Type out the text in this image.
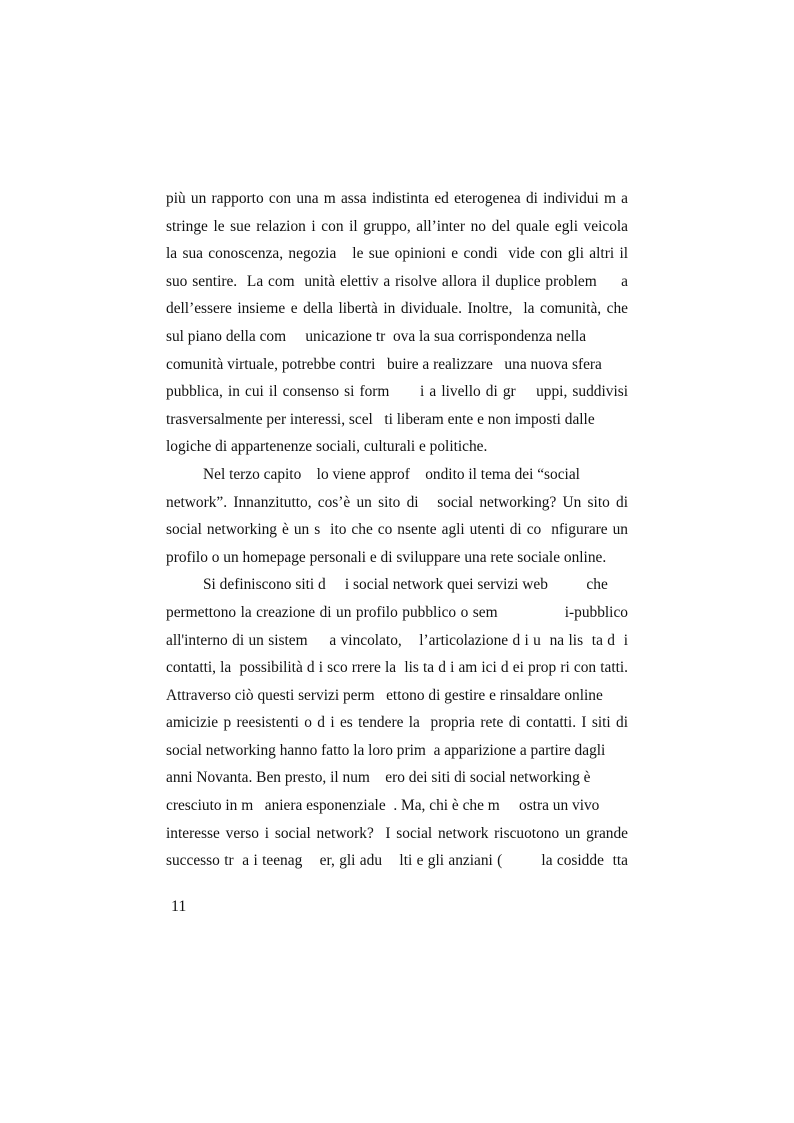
più un rapporto con una m assa indistinta ed eterogenea di individui m a
stringe le sue relazion i con il gruppo, all’inter no del quale egli veicola
la sua conoscenza, negozia   le sue opinioni e condi  vide con gli altri il
suo sentire.  La com  unità elettiv a risolve allora il duplice problem     a
dell’essere insieme e della libertà in dividuale. Inoltre,  la comunità, che
sul piano della com     unicazione tr  ova la sua corrispondenza nella
comunità virtuale, potrebbe contri   buire a realizzare   una nuova sfera
pubblica, in cui il consenso si form      i a livello di gr    uppi, suddivisi
trasversalmente per interessi, scel   ti liberam ente e non imposti dalle
logiche di appartenenze sociali, culturali e politiche.
Nel terzo capito    lo viene approf    ondito il tema dei “social
network”. Innanzitutto, cos’è un sito di   social networking? Un sito di
social networking è un s  ito che co nsente agli utenti di co  nfigurare un
profilo o un homepage personali e di sviluppare una rete sociale online.
Si definiscono siti d     i social network quei servizi web          che
permettono la creazione di un profilo pubblico o sem               i-pubblico
all'interno di un sistem     a vincolato,    l’articolazione d i u  na lis  ta d  i
contatti, la  possibilità d i sco rrere la  lis ta d i am ici d ei prop ri con tatti.
Attraverso ciò questi servizi perm   ettono di gestire e rinsaldare online
amicizie p reesistenti o d i es tendere la  propria rete di contatti. I siti di
social networking hanno fatto la loro prim  a apparizione a partire dagli
anni Novanta. Ben presto, il num    ero dei siti di social networking è
cresciuto in m   aniera esponenziale  . Ma, chi è che m     ostra un vivo
interesse verso i social network?  I social network riscuotono un grande
successo tr  a i teenag    er, gli adu    lti e gli anziani (         la cosidde  tta
11
